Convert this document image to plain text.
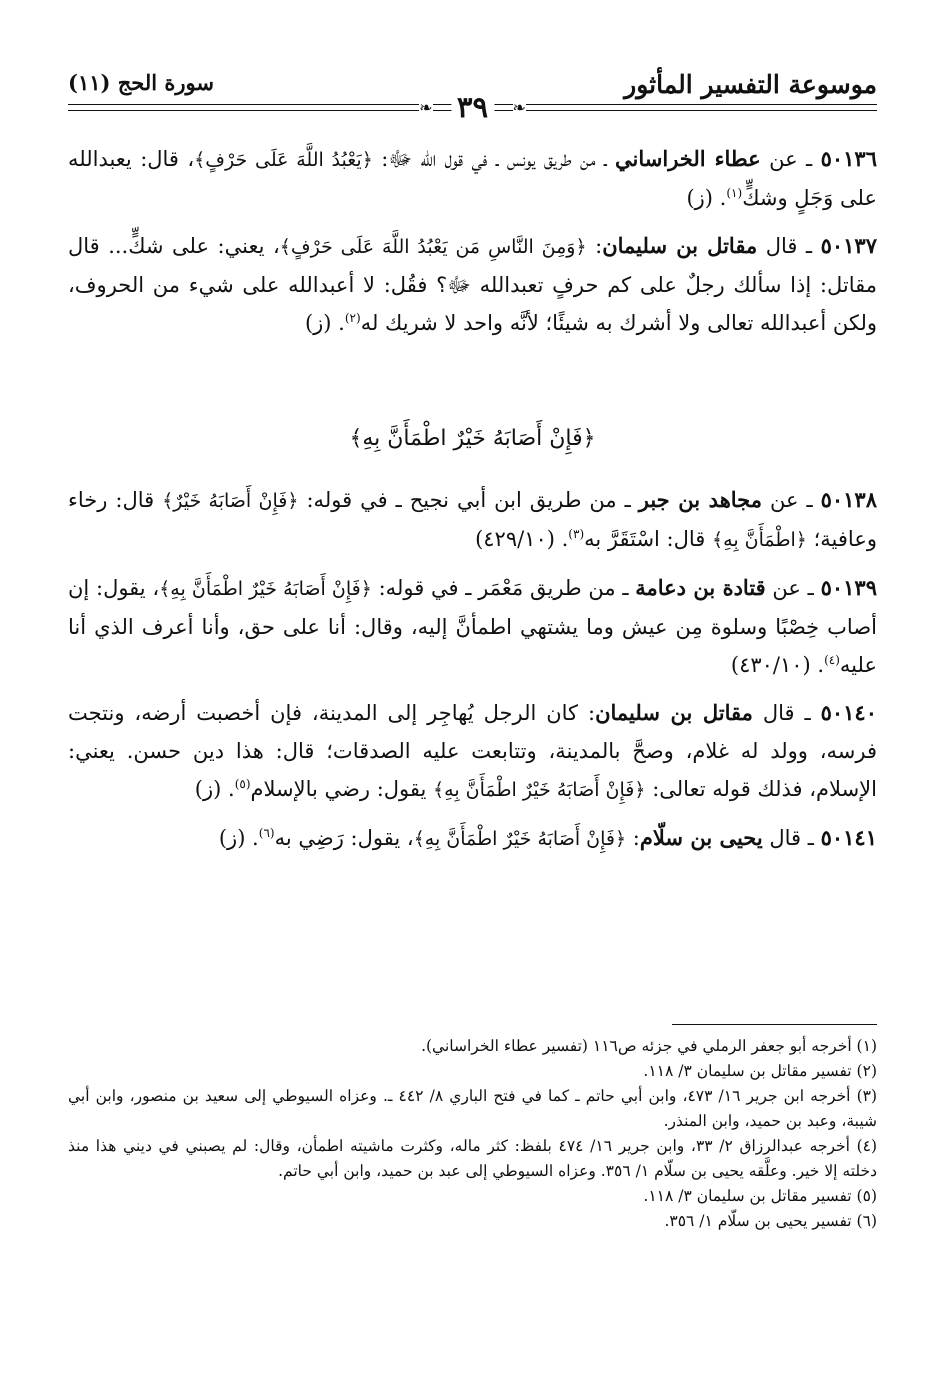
موسوعة التفسير المأثور
سورة الحج (١١)
❧ ٣٩	❧

٥٠١٣٦ ـ عن عطاء الخراساني ـ من طريق يونس ـ في قول الله ﷻ: ﴿يَعْبُدُ اللَّهَ عَلَى حَرْفٍ﴾، قال: يعبدالله على وَجَلٍ وشكٍّ$^{(١)}$. (ز)

٥٠١٣٧ ـ قال مقاتل بن سليمان: ﴿وَمِنَ النَّاسِ مَن يَعْبُدُ اللَّهَ عَلَى حَرْفٍ﴾، يعني: على شكٍّ... قال مقاتل: إذا سألك رجلٌ على كم حرفٍ تعبدالله ﷻ؟ فقُل: لا أعبدالله على شيء من الحروف، ولكن أعبدالله تعالى ولا أشرك به شيئًا؛ لأنَّه واحد لا شريك له$^{(٢)}$. (ز)

﴿فَإِنْ أَصَابَهُ خَيْرٌ اطْمَأَنَّ بِهِ﴾

٥٠١٣٨ ـ عن مجاهد بن جبر ـ من طريق ابن أبي نجيح ـ في قوله: ﴿فَإِنْ أَصَابَهُ خَيْرٌ﴾ قال: رخاء وعافية؛ ﴿اطْمَأَنَّ بِهِ﴾ قال: اسْتَقَرَّ به$^{(٣)}$. (٤٢٩/١٠)

٥٠١٣٩ ـ عن قتادة بن دعامة ـ من طريق مَعْمَر ـ في قوله: ﴿فَإِنْ أَصَابَهُ خَيْرٌ اطْمَأَنَّ بِهِ﴾، يقول: إن أصاب خِصْبًا وسلوة مِن عيش وما يشتهي اطمأنَّ إليه، وقال: أنا على حق، وأنا أعرف الذي أنا عليه$^{(٤)}$. (٤٣٠/١٠)

٥٠١٤٠ ـ قال مقاتل بن سليمان: كان الرجل يُهاجِر إلى المدينة، فإن أخصبت أرضه، ونتجت فرسه، وولد له غلام، وصحَّ بالمدينة، وتتابعت عليه الصدقات؛ قال: هذا دين حسن. يعني: الإسلام، فذلك قوله تعالى: ﴿فَإِنْ أَصَابَهُ خَيْرٌ اطْمَأَنَّ بِهِ﴾ يقول: رضي بالإسلام$^{(٥)}$. (ز)

٥٠١٤١ ـ قال يحيى بن سلّام: ﴿فَإِنْ أَصَابَهُ خَيْرٌ اطْمَأَنَّ بِهِ﴾، يقول: رَضِي به$^{(٦)}$. (ز)

(١) أخرجه أبو جعفر الرملي في جزئه ص١١٦ (تفسير عطاء الخراساني).

(٢) تفسير مقاتل بن سليمان ٣/ ١١٨.

(٣) أخرجه ابن جرير ١٦/ ٤٧٣، وابن أبي حاتم ـ كما في فتح الباري ٨/ ٤٤٢ ـ. وعزاه السيوطي إلى سعيد بن منصور، وابن أبي شيبة، وعبد بن حميد، وابن المنذر.

(٤) أخرجه عبدالرزاق ٢/ ٣٣، وابن جرير ١٦/ ٤٧٤ بلفظ: كثر ماله، وكثرت ماشيته اطمأن، وقال: لم يصبني في ديني هذا منذ دخلته إلا خير. وعلَّقه يحيى بن سلّام ١/ ٣٥٦. وعزاه السيوطي إلى عبد بن حميد، وابن أبي حاتم.

(٥) تفسير مقاتل بن سليمان ٣/ ١١٨.

(٦) تفسير يحيى بن سلّام ١/ ٣٥٦.
